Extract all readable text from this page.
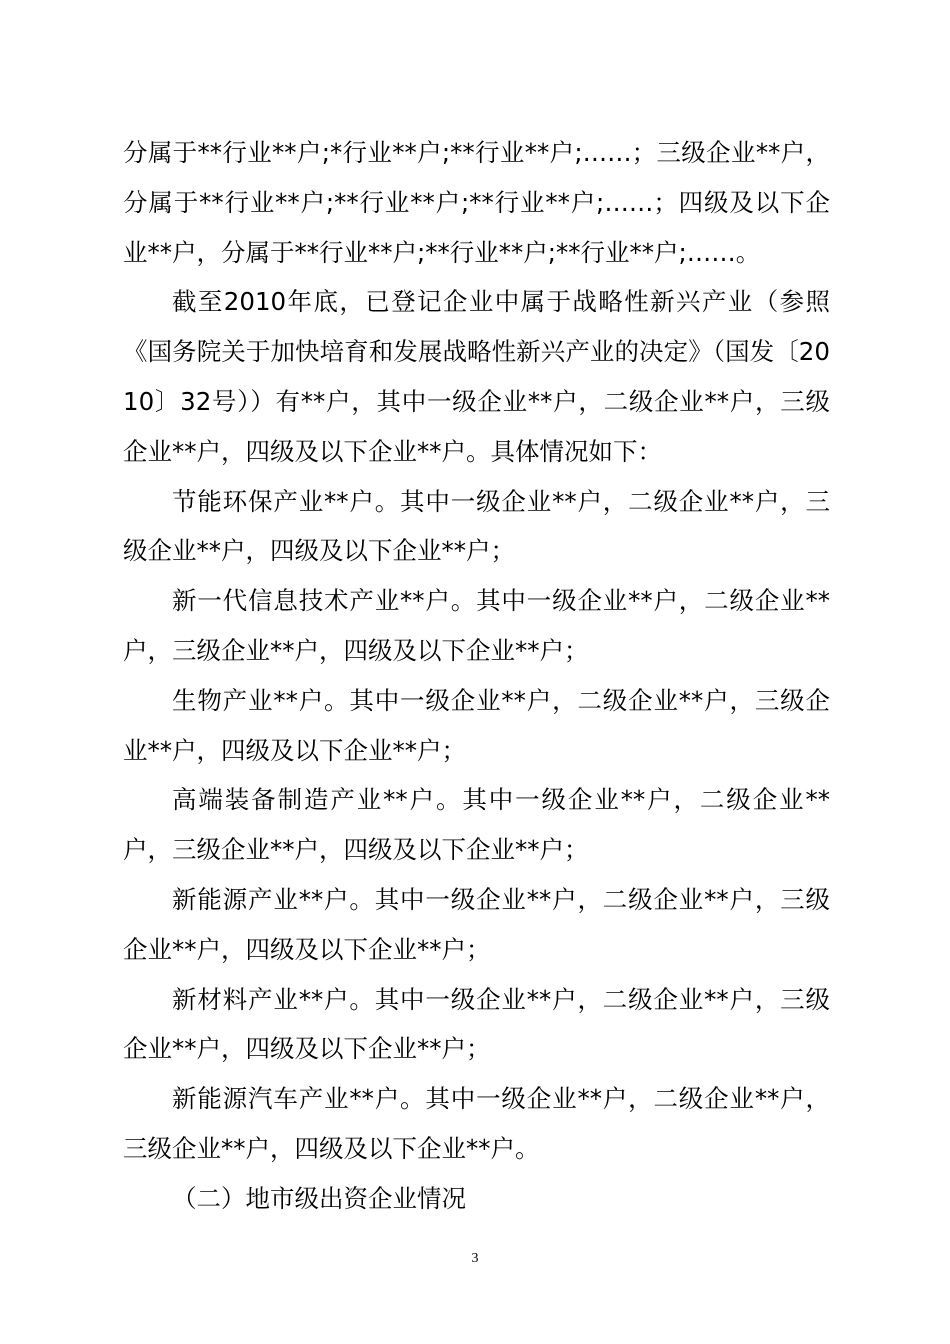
分属于**行业**户;*行业**户;**行业**户;……；三级企业**户，分属于**行业**户;**行业**户;**行业**户;……；四级及以下企业**户，分属于**行业**户;**行业**户;**行业**户;……。

截至2010年底，已登记企业中属于战略性新兴产业（参照《国务院关于加快培育和发展战略性新兴产业的决定》（国发〔2010〕32号））有**户，其中一级企业**户，二级企业**户，三级企业**户，四级及以下企业**户。具体情况如下：

节能环保产业**户。其中一级企业**户，二级企业**户，三级企业**户，四级及以下企业**户；

新一代信息技术产业**户。其中一级企业**户，二级企业**户，三级企业**户，四级及以下企业**户；

生物产业**户。其中一级企业**户，二级企业**户，三级企业**户，四级及以下企业**户；

高端装备制造产业**户。其中一级企业**户，二级企业**户，三级企业**户，四级及以下企业**户；

新能源产业**户。其中一级企业**户，二级企业**户，三级企业**户，四级及以下企业**户；

新材料产业**户。其中一级企业**户，二级企业**户，三级企业**户，四级及以下企业**户；

新能源汽车产业**户。其中一级企业**户，二级企业**户，三级企业**户，四级及以下企业**户。

（二）地市级出资企业情况

3
